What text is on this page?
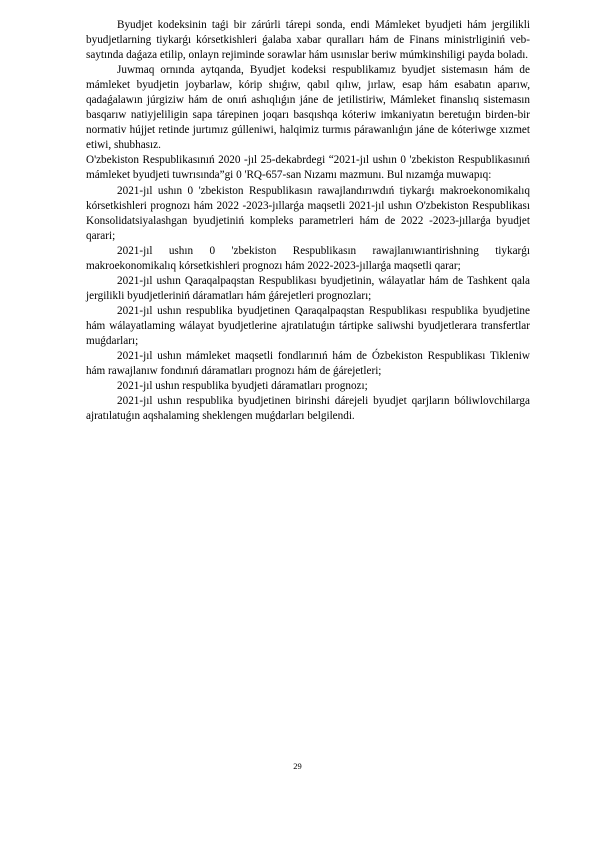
Byudjet kodeksinin taǵi bir zárúrli tárepi sonda, endi Mámleket byudjeti hám jergilikli byudjetlarning tiykarǵı kórsetkishleri ǵalaba xabar quralları hám de Finans ministrliginiń veb-saytında daǵaza etilip, onlayn rejiminde sorawlar hám usınıslar beriw múmkinshiligi payda boladı.

Juwmaq ornında aytqanda, Byudjet kodeksi respublikamız byudjet sistemasın hám de mámleket byudjetin joybarlaw, kórip shıǵıw, qabıl qılıw, jırlaw, esap hám esabatın aparıw, qadaǵalawın júrgiziw hám de onıń ashıqlıǵın jáne de jetilistiriw, Mámleket finanslıq sistemasın basqarıw natiyjeliligin sapa tárepinen joqarı basqıshqa kóteriw imkaniyatın beretuǵın birden-bir normativ hújjet retinde jurtımız gúlleniwi, halqimiz turmıs párawanlıǵın jáne de kóteriwge xızmet etiwi, shubhasız.

O'zbekiston Respublikasınıń 2020 -jıl 25-dekabrdegi “2021-jıl ushın 0 'zbekiston Respublikasınıń mámleket byudjeti tuwrısında”gi 0 'RQ-657-san Nızamı mazmunı. Bul nızamǵa muwapıq:

2021-jıl ushın 0 'zbekiston Respublikasın rawajlandırıwdıń tiykarǵı makroekonomikalıq kórsetkishleri prognozı hám 2022 -2023-jıllarǵa maqsetli 2021-jıl ushın O'zbekiston Respublikası Konsolidatsiyalashgan byudjetiniń kompleks parametrleri hám de 2022 -2023-jıllarǵa byudjet qarari;

2021-jıl ushın 0 'zbekiston Respublikasın rawajlanıwıantirishning tiykarǵı makroekonomikalıq kórsetkishleri prognozı hám 2022-2023-jıllarǵa maqsetli qarar;

2021-jıl ushın Qaraqalpaqstan Respublikası byudjetinin, wálayatlar hám de Tashkent qala jergilikli byudjetleriniń dáramatları hám ǵárejetleri prognozları;

2021-jıl ushın respublika byudjetinen Qaraqalpaqstan Respublikası respublika byudjetine hám wálayatlaming wálayat byudjetlerine ajratılatuǵın tártipke saliwshi byudjetlerara transfertlar muǵdarları;

2021-jıl ushın mámleket maqsetli fondlarınıń hám de Ózbekiston Respublikası Tikleniw hám rawajlanıw fondınıń dáramatları prognozı hám de ǵárejetleri;

2021-jıl ushın respublika byudjeti dáramatları prognozı;

2021-jıl ushın respublika byudjetinen birinshi dárejeli byudjet qarjların bóliwlovchilarga ajratılatuǵın aqshalaming sheklengen muǵdarları belgilendi.

29
